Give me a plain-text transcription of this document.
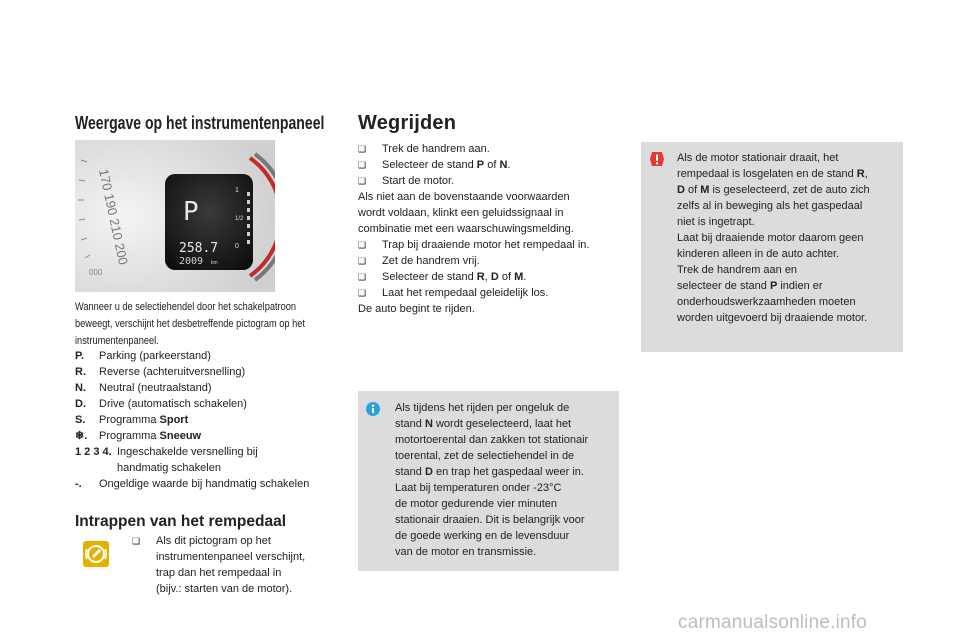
Weergave op het instrumentenpaneel
170 190 210 200
000
P
258.7
2009 km
1
1/2
0
Wanneer u de selectiehendel door het schakelpatroon beweegt, verschijnt het desbetreffende pictogram op het instrumentenpaneel.
P.	Parking (parkeerstand)
R.	Reverse (achteruitversnelling)
N.	Neutral (neutraalstand)
D.	Drive (automatisch schakelen)
S.	Programma Sport
❄.	Programma Sneeuw
1 2 3 4. Ingeschakelde versnelling bij
handmatig schakelen
-.	Ongeldige waarde bij handmatig schakelen
Intrappen van het rempedaal
❑	Als dit pictogram op het
instrumentenpaneel verschijnt,
trap dan het rempedaal in
(bijv.: starten van de motor).
Wegrijden
❑	Trek de handrem aan.
❑	Selecteer de stand P of N.
❑	Start de motor.
Als niet aan de bovenstaande voorwaarden
wordt voldaan, klinkt een geluidssignaal in
combinatie met een waarschuwingsmelding.
❑	Trap bij draaiende motor het rempedaal in.
❑	Zet de handrem vrij.
❑	Selecteer de stand R, D of M.
❑	Laat het rempedaal geleidelijk los.
De auto begint te rijden.
Als tijdens het rijden per ongeluk de
stand N wordt geselecteerd, laat het
motortoerental dan zakken tot stationair
toerental, zet de selectiehendel in de
stand D en trap het gaspedaal weer in.
Laat bij temperaturen onder -23°C
de motor gedurende vier minuten
stationair draaien. Dit is belangrijk voor
de goede werking en de levensduur
van de motor en transmissie.
Als de motor stationair draait, het
rempedaal is losgelaten en de stand R,
D of M is geselecteerd, zet de auto zich
zelfs al in beweging als het gaspedaal
niet is ingetrapt.
Laat bij draaiende motor daarom geen
kinderen alleen in de auto achter.
Trek de handrem aan en
selecteer de stand P indien er
onderhoudswerkzaamheden moeten
worden uitgevoerd bij draaiende motor.
carmanualsonline.info
